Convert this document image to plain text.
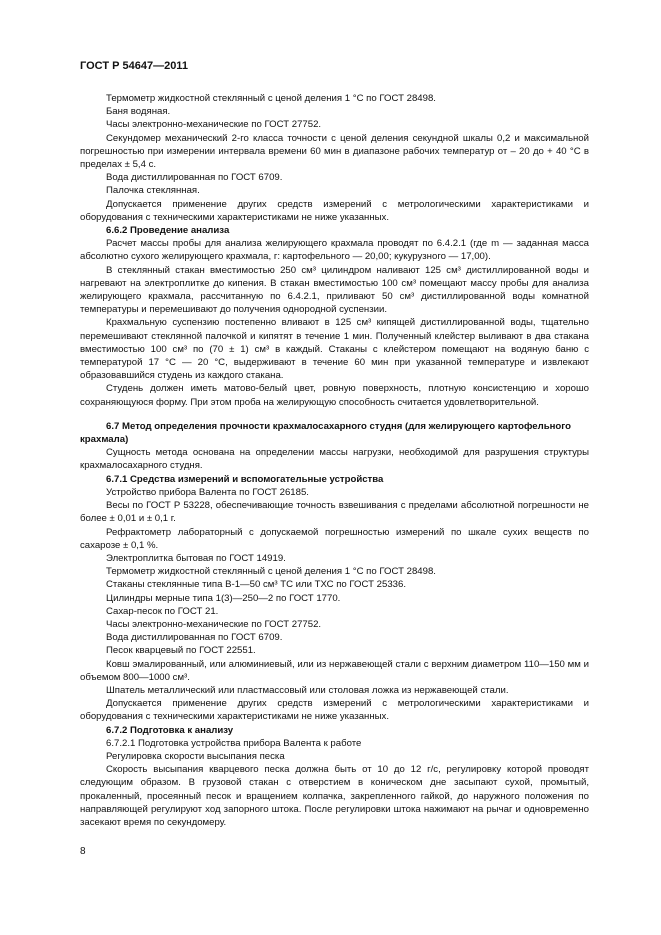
ГОСТ Р 54647—2011

Термометр жидкостной стеклянный с ценой деления 1 °С по ГОСТ 28498.

Баня водяная.

Часы электронно-механические по ГОСТ 27752.

Секундомер механический 2-го класса точности с ценой деления секундной шкалы 0,2 и максимальной погрешностью при измерении интервала времени 60 мин в диапазоне рабочих температур от – 20 до + 40 °С в пределах ± 5,4 с.

Вода дистиллированная по ГОСТ 6709.

Палочка стеклянная.

Допускается применение других средств измерений с метрологическими характеристиками и оборудования с техническими характеристиками не ниже указанных.

6.6.2 Проведение анализа

Расчет массы пробы для анализа желирующего крахмала проводят по 6.4.2.1 (где m — заданная масса абсолютно сухого желирующего крахмала, г: картофельного — 20,00; кукурузного — 17,00).

В стеклянный стакан вместимостью 250 см³ цилиндром наливают 125 см³ дистиллированной воды и нагревают на электроплитке до кипения. В стакан вместимостью 100 см³ помещают массу пробы для анализа желирующего крахмала, рассчитанную по 6.4.2.1, приливают 50 см³ дистиллированной воды комнатной температуры и перемешивают до получения однородной суспензии.

Крахмальную суспензию постепенно вливают в 125 см³ кипящей дистиллированной воды, тщательно перемешивают стеклянной палочкой и кипятят в течение 1 мин. Полученный клейстер выливают в два стакана вместимостью 100 см³ по (70 ± 1) см³ в каждый. Стаканы с клейстером помещают на водяную баню с температурой 17 °С — 20 °С, выдерживают в течение 60 мин при указанной температуре и извлекают образовавшийся студень из каждого стакана.

Студень должен иметь матово-белый цвет, ровную поверхность, плотную консистенцию и хорошо сохраняющуюся форму. При этом проба на желирующую способность считается удовлетворительной.

6.7 Метод определения прочности крахмалосахарного студня (для желирующего картофельного крахмала)

Сущность метода основана на определении массы нагрузки, необходимой для разрушения структуры крахмалосахарного студня.

6.7.1 Средства измерений и вспомогательные устройства

Устройство прибора Валента по ГОСТ 26185.

Весы по ГОСТ Р 53228, обеспечивающие точность взвешивания с пределами абсолютной погрешности не более ± 0,01 и ± 0,1 г.

Рефрактометр лабораторный с допускаемой погрешностью измерений по шкале сухих веществ по сахарозе ± 0,1 %.

Электроплитка бытовая по ГОСТ 14919.

Термометр жидкостной стеклянный с ценой деления 1 °С по ГОСТ 28498.

Стаканы стеклянные типа В-1—50 см³ ТС или ТХС по ГОСТ 25336.

Цилиндры мерные типа 1(3)—250—2 по ГОСТ 1770.

Сахар-песок по ГОСТ 21.

Часы электронно-механические по ГОСТ 27752.

Вода дистиллированная по ГОСТ 6709.

Песок кварцевый по ГОСТ 22551.

Ковш эмалированный, или алюминиевый, или из нержавеющей стали с верхним диаметром 110—150 мм и объемом 800—1000 см³.

Шпатель металлический или пластмассовый или столовая ложка из нержавеющей стали.

Допускается применение других средств измерений с метрологическими характеристиками и оборудования с техническими характеристиками не ниже указанных.

6.7.2 Подготовка к анализу

6.7.2.1 Подготовка устройства прибора Валента к работе

Регулировка скорости высыпания песка

Скорость высыпания кварцевого песка должна быть от 10 до 12 г/с, регулировку которой проводят следующим образом. В грузовой стакан с отверстием в коническом дне засыпают сухой, промытый, прокаленный, просеянный песок и вращением колпачка, закрепленного гайкой, до наружного положения по направляющей регулируют ход запорного штока. После регулировки штока нажимают на рычаг и одновременно засекают время по секундомеру.

8
